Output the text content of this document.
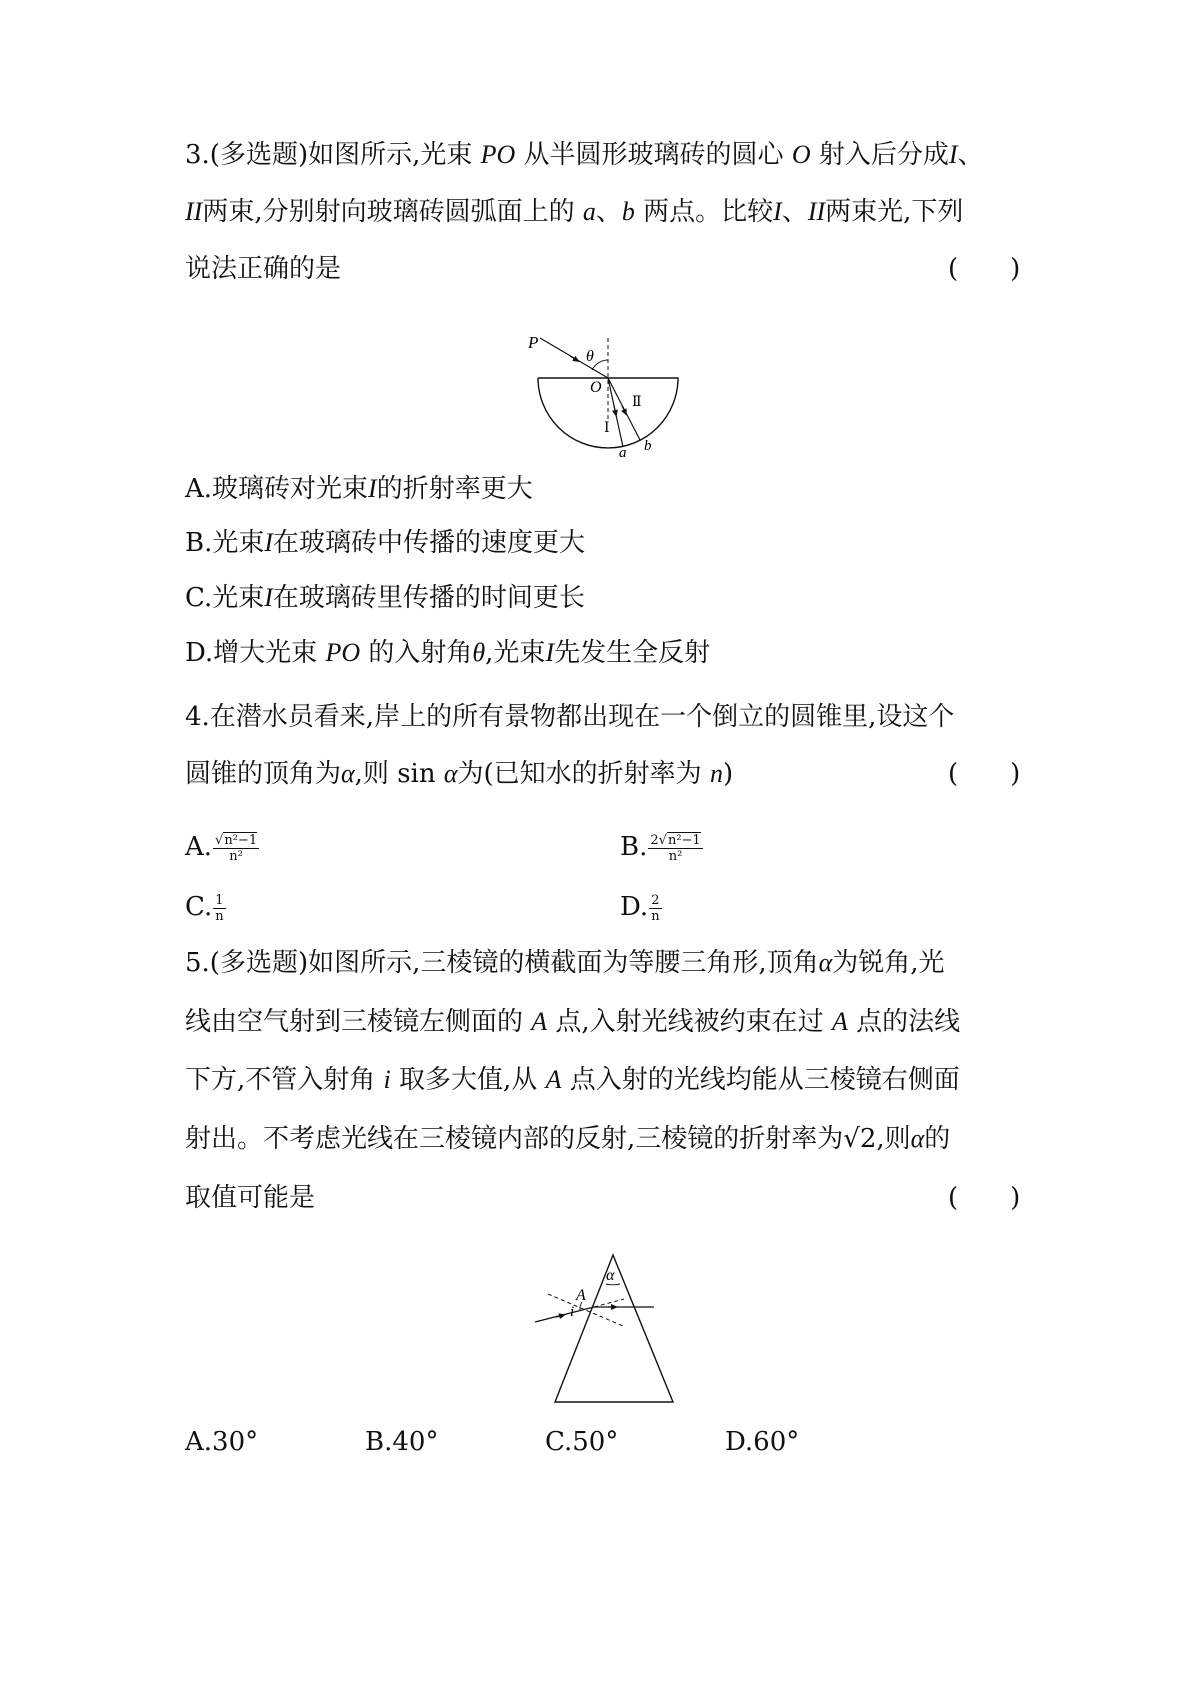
3.(多选题)如图所示,光束 PO 从半圆形玻璃砖的圆心 O 射入后分成I、
II两束,分别射向玻璃砖圆弧面上的 a、b 两点。比较I、II两束光,下列
说法正确的是	(　　)
P
θ
O
Ⅰ
Ⅱ
a b
A.玻璃砖对光束I的折射率更大
B.光束I在玻璃砖中传播的速度更大
C.光束I在玻璃砖里传播的时间更长
D.增大光束 PO 的入射角θ,光束I先发生全反射
4.在潜水员看来,岸上的所有景物都出现在一个倒立的圆锥里,设这个
圆锥的顶角为α,则 sin α为(已知水的折射率为 n)	(　　)
A. $\frac{\text{√n²−1}}{\text{n²}}$	B. $\frac{\text{2√n²−1}}{\text{n²}}$
C. $\frac{1}{n}$	D. $\frac{2}{n}$
5.(多选题)如图所示,三棱镜的横截面为等腰三角形,顶角α为锐角,光
线由空气射到三棱镜左侧面的 A 点,入射光线被约束在过 A 点的法线
下方,不管入射角 i 取多大值,从 A 点入射的光线均能从三棱镜右侧面
射出。不考虑光线在三棱镜内部的反射,三棱镜的折射率为√2,则α的
取值可能是	(　　)
α
A
i
A.30°	B.40°	C.50°	D.60°
